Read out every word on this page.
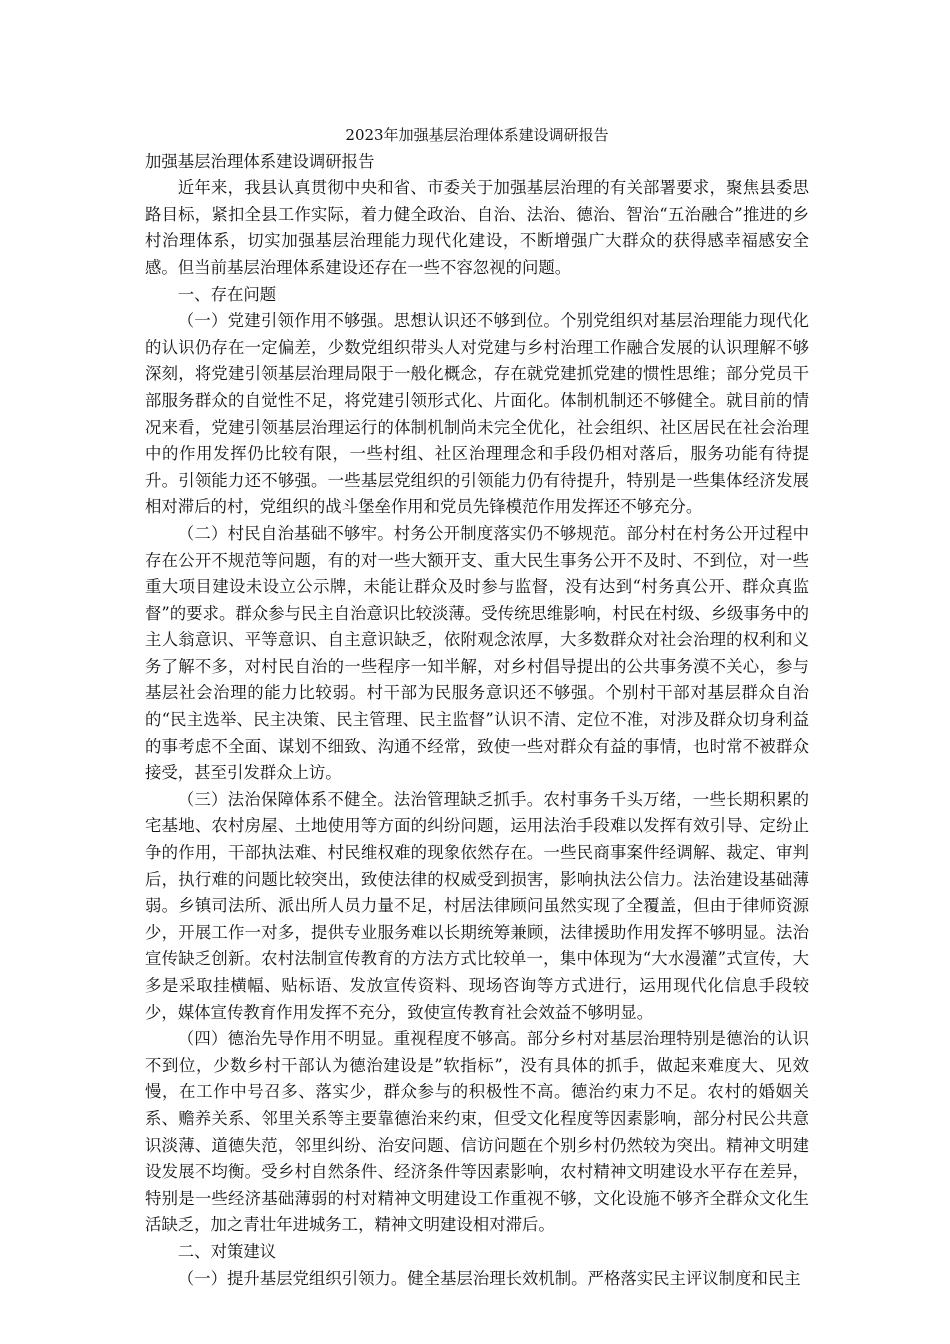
2023年加强基层治理体系建设调研报告

加强基层治理体系建设调研报告

近年来，我县认真贯彻中央和省、市委关于加强基层治理的有关部署要求，聚焦县委思路目标，紧扣全县工作实际，着力健全政治、自治、法治、德治、智治“五治融合”推进的乡村治理体系，切实加强基层治理能力现代化建设，不断增强广大群众的获得感幸福感安全感。但当前基层治理体系建设还存在一些不容忽视的问题。

一、存在问题

（一）党建引领作用不够强。思想认识还不够到位。个别党组织对基层治理能力现代化的认识仍存在一定偏差，少数党组织带头人对党建与乡村治理工作融合发展的认识理解不够深刻，将党建引领基层治理局限于一般化概念，存在就党建抓党建的惯性思维；部分党员干部服务群众的自觉性不足，将党建引领形式化、片面化。体制机制还不够健全。就目前的情况来看，党建引领基层治理运行的体制机制尚未完全优化，社会组织、社区居民在社会治理中的作用发挥仍比较有限，一些村组、社区治理理念和手段仍相对落后，服务功能有待提升。引领能力还不够强。一些基层党组织的引领能力仍有待提升，特别是一些集体经济发展相对滞后的村，党组织的战斗堡垒作用和党员先锋模范作用发挥还不够充分。

（二）村民自治基础不够牢。村务公开制度落实仍不够规范。部分村在村务公开过程中存在公开不规范等问题，有的对一些大额开支、重大民生事务公开不及时、不到位，对一些重大项目建设未设立公示牌，未能让群众及时参与监督，没有达到“村务真公开、群众真监督”的要求。群众参与民主自治意识比较淡薄。受传统思维影响，村民在村级、乡级事务中的主人翁意识、平等意识、自主意识缺乏，依附观念浓厚，大多数群众对社会治理的权利和义务了解不多，对村民自治的一些程序一知半解，对乡村倡导提出的公共事务漠不关心，参与基层社会治理的能力比较弱。村干部为民服务意识还不够强。个别村干部对基层群众自治的“民主选举、民主决策、民主管理、民主监督”认识不清、定位不准，对涉及群众切身利益的事考虑不全面、谋划不细致、沟通不经常，致使一些对群众有益的事情，也时常不被群众接受，甚至引发群众上访。

（三）法治保障体系不健全。法治管理缺乏抓手。农村事务千头万绪，一些长期积累的宅基地、农村房屋、土地使用等方面的纠纷问题，运用法治手段难以发挥有效引导、定纷止争的作用，干部执法难、村民维权难的现象依然存在。一些民商事案件经调解、裁定、审判后，执行难的问题比较突出，致使法律的权威受到损害，影响执法公信力。法治建设基础薄弱。乡镇司法所、派出所人员力量不足，村居法律顾问虽然实现了全覆盖，但由于律师资源少，开展工作一对多，提供专业服务难以长期统筹兼顾，法律援助作用发挥不够明显。法治宣传缺乏创新。农村法制宣传教育的方法方式比较单一，集中体现为“大水漫灌”式宣传，大多是采取挂横幅、贴标语、发放宣传资料、现场咨询等方式进行，运用现代化信息手段较少，媒体宣传教育作用发挥不充分，致使宣传教育社会效益不够明显。

（四）德治先导作用不明显。重视程度不够高。部分乡村对基层治理特别是德治的认识不到位，少数乡村干部认为德治建设是”软指标”，没有具体的抓手，做起来难度大、见效慢，在工作中号召多、落实少，群众参与的积极性不高。德治约束力不足。农村的婚姻关系、赡养关系、邻里关系等主要靠德治来约束，但受文化程度等因素影响，部分村民公共意识淡薄、道德失范，邻里纠纷、治安问题、信访问题在个别乡村仍然较为突出。精神文明建设发展不均衡。受乡村自然条件、经济条件等因素影响，农村精神文明建设水平存在差异，特别是一些经济基础薄弱的村对精神文明建设工作重视不够，文化设施不够齐全群众文化生活缺乏，加之青壮年进城务工，精神文明建设相对滞后。

二、对策建议

（一）提升基层党组织引领力。健全基层治理长效机制。严格落实民主评议制度和民主
